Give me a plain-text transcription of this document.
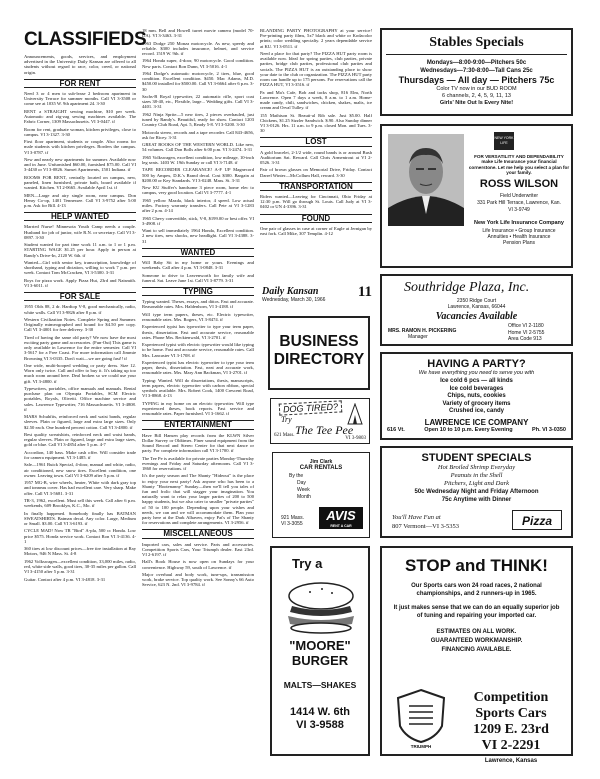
CLASSIFIEDS

Announcements, goods, services, and employment advertised in the University Daily Kansan are offered to all students without regard to race, color, creed, or national origin.

FOR RENT

Need 3 or 4 men to sub-lease 2 bedroom apartment in University Terrace for summer months. Call VI 3-3508 or come see at 1035 W. 9th apartment 24. 3-30

RENT a STRAIGHT sewing machine, $10 per week. Automatic and zig-zag sewing machines available. The Fabric Corner, 1309 Massachusetts. VI 3-0447. tf

Room for rent, graduate woman, kitchen privileges, close to campus. VI 3-1327. 3-30

First floor apartment, students or couple. Also rooms for male students with kitchen privileges. Borders the campus. VI 3-0787. tf

New and nearly new apartments for summer. Available now and in June. Unfurnished $60.00, furnished $75.00. Call VI 3-4430 or VI 3-0826. Sunset Apartments, 1501 Indiana. tf

ROOMS FOR RENT, centrally located on campus, new, paneled, linen furnished, private bath, board available if wanted. Kitchen. VI 2-0665. Available April 1st. tf

MEN—Large and airy single room, near campus. Don Henry Co-op, 1401 Tennessee. Call VI 3-9752 after 5:00 p.m. Ask for Bill. 4-13

HELP WANTED

Married Nurse! Minnesota Youth Camp needs a couple. Husband for job of junior, wife R.N. or secretary. Call VI 3-0897. 3-30

Student wanted for part time work 11 a.m. to 1 or 1 p.m. STARTING WAGE $1.25 per hour. Apply in person at Randy's Drive-In, 2120 W. 6th. tf

Wanted—Girl with senior key, transcription, knowledge of shorthand, typing and dictation, willing to work 7 p.m. per week. Contact Tom McCracken, VI 3-5300. 3-31

Boys for pizza work. Apply Pizza Hut, 23rd and Naismith. VI 3-6011. tf

FOR SALE

1955 Olds 88, 2 dr. Hardtop V-8, good mechanically, radio, white walls. Call VI 3-9826 after 8 p.m. tf

Western Civilization Notes. Complete Spring and Summer. Originally mimeographed and bound for $4.50 per copy. Call VI 3-4001 for free delivery. 3-30

Tired of having the same old party? We now have the most exciting party game and accessories. (Fun-Out) This game is only available in Lawrence for the entire semester. Call VI 3-5617 for a Free Coast. For more information call Jimmie Browning VI 3-0335. Don't wait—we are going fast!! tf

One wide, multi-hooped wedding or party dress. Size 12. Worn only twice. Call and offer to buy it. It's taking up too much room around here. Deal broken so we could use your gift. VI 3-4800. tf

Typewriters, portables, office manuals and manuals. Rental purchase plan on Olympia Portables, SCM Electric portables, Royals, Olivetti. Office machine service and sales. Lawrence Typewriter, 716 Massachusetts. VI 3-4808. tf

MARS Schuhfits, reinforced neck and waist bands, regular sleeves. Plain or figured, large and extra large sizes. Only $2.50 each. One hundred percent cotton. Call VI 3-4800. tf

Best quality sweatshirts, reinforced neck and waist bands, regular sleeves. Plain or figured, large and extra large sizes, gold or blue. Call VI 3-4854 after 5 p.m. 4-7

Accordion, 140 bass. Make cash offer. Will consider trade for camera equipment. VI 3-1485. tf

Sale—1961 Buick Special, 4-door, manual and white, radio, air conditioned, new snow tires. Excellent condition, one owner. Leaving town. Call VI 3-6209 after 5 p.m. tf

1957 MG-B, wire wheels, heater, White with dark gray top and tonneau cover. Has had excellent care. Very sharp. Make offer. Call VI 3-5681. 3-31

TR-3, 1962, excellent. Must sell this week. Call after 6 p.m. weekends, 609 Brooklyn, K.C., Mo. tf

In finally happened. Somebody finally has BATMAN SWEATSHIRTS. Batman decal. Any color. Large, Medium or Small. $3.00. Call VI 3-6193. tf

CYCLE MAD! Now TR "Bird" A-pla, 500 cc Honda. Low price $575. Honda service work. Contact Ron VI 3-4136. 4-1

360 tires at low discount prices—free tire installation at Ray Motors, 946 N Mass. St. 4-8

1962 Volkswagen—excellent condition, 33,000 miles, radio, red, white side walls, good tires, 30-35 miles per gallon. Call VI 3-4150 after 5 p.m. 3-31

Guitar. Contact after 4 p.m. VI 3-4818. 3-31

18 mm. Bell and Howell turret movie camera (model 70-DA). VI 3-3463. 3-31

1963 Dodge 250 Monza motorcycle. As new, speedy and reliable. $300 includes insurance, helmet, and service record. 1519 W. 9th. tf

1964 Honda super, 4-door, 90 motorcycle. Good condition. New parts. Contact Ron Dunn, VI 3-5016. 4-1

1964 Dodge's automatic motorcycle, 2 tires, blue, good condition. Excellent condition. $450. Mac Adams, M.D. $450.00 installed for $500.00. Call VI 3-6664 after 6 p.m. 3-30

Sachs-B Royal typewriter, 22 automatic rifle, sport coat sizes 38-40, etc., Flexible, large... Wedding gifts. Call VI 3-4401. 3-31

1962 Ninja Sprite—5 new tires, 2 pieces overhauled, just tuned by Randy's. Beautiful, ready for show. Contact 1203 Country Club Road, Apt. 5, Ready 5-8. VI 3-5200. 3-30

Motorola stereo, records and a tape recorder. Call 843-4656, ask for Ricey. 3-31

GREAT BOOKS OF THE WESTERN WORLD. Like new, 54 volumes. Call Don Bolls after 6:00 p.m. VI 3-2474. 3-31

1965 Volkswagen, excellent condition, low mileage, 10-inch leg seats. 1403 W. 19th Sunday or call VI 3-7148. tf

TAPE RECORDER CLEARANCE! A-F UP Magnecord 500 by Ampex, D.K.'s Brand decal. Cost $300. Bargain at $200.00 or Key Standards. VI 3-0248. Mass. St. 3-31

New KU Stuffer's handsome 3 piece room, home elec to campus, very good location. Call VI 3-7777. 4-1

1965 yellow Mazda, black interior, 4 speed. Low actual miles. Factory warranty transfers. Call Pete at VI 3-1283 after 2 p.m. 4-14

1965 Chevy convertible, stick, V-8, $199.00 or best offer. VI 3-4908. tf

Want to sell immediately 1964 Honda, Excellent condition. 2 new tires, new shocks, new headlight. Call VI 3-4388. 3-31

WANTED

Will Baby Sit in my home or yours. Evenings and weekends. Call after 4 p.m. VI 3-0848. 3-31

Someone to drive to Leavenworth for family wife and funeral. Sat. Leave June 1st. Call VI 3-8779. 3-31

TYPING

Typing wanted. Theses, essays, and dittos. Fast and accurate. Reasonable rates. Mrs. Haldenhorn, VI 3-4188. tf

Will type term papers, theses, etc. Electric typewriter, reasonable rates. Mrs. Rogers, VI 3-8474. tf

Experienced typist has typewriter to type your term paper, thesis, dissertation. Fast and accurate service, reasonable rates. Phone Mrs. Recktenwald, VI 3-2701. tf

Experienced typist with electric typewriter would like typing to be home. Fast and accurate service, reasonable rates. Call Mrs. Lancaster VI 3-1708. tf

Experienced typist has electric typewriter to type your term paper, thesis, dissertation. Fast, neat and accurate work, reasonable rates. Mrs. Mary Ann Backman, VI 3-2701. tf

Typing: Wanted. Will do dissertations, thesis, manuscripts, term papers, electric typewriter with carbon ribbon, special symbols available. Mrs. Robert Cook, 1400 Crescent Road, VI 3-8868. 4-13

TYPING in my home on an electric typewriter. Will type experienced theses, book reports. Fast service and reasonable rates. Paper furnished. VI 3-1662. tf

ENTERTAINMENT

Have Bill Hansen play records from the KLWN Silver Dollar Survey or Oldtimes. Finer sound equipment from the Sound Record and Stereo Center for that next dance or party. For complete information call VI 3-1700. tf

The Tee Pe is available for private parties Monday-Thursday evenings and Friday and Saturday afternoons. Call VI 3-1860 for reservations. tf

It's the party season and The Shanty "Hideout" is the place to enjoy your next party! Ask anyone who has been to a Shanty "Hootenanny" Sunday—then we'll tell you tales of fun and frolic that will stagger your imagination. You naturally want to relax your larger parties of 200 to 500 happy students, but we also cater to smaller "private parties" of 50 to 100 people. Depending upon your wishes and needs, we can and we will accommodate them. Plan your party here at the Dark Alhaven, enjoy Pat's of The Shanty for reservations and complete arrangements. VI 3-2956. tf

MISCELLANEOUS

Imported cars, sales and service. Parts and accessories. Competition Sports Cars, Your Triumph dealer. East 23rd. VI 2-6197. tf

Hall's Book House is now open on Sundays for your convenience. Highway 59, south of Lawrence. tf

Major overhaul and body work, tune-ups, transmission work, brake service. Top quality work. See Sonny's 66 Auto Service, 623 N. 2nd. VI 3-9784. tf

BLANDING PARTY PHOTOGRAPHY at your service! Pre-printing party films, 5x7 black and white or Kodacolor prints; color wedding specialty. 2 years dependable service at KU. VI 3-0511. tf

Need a place for that party? The PIZZA HUT party room is available now. Ideal for spring parties, club parties, private parties, bridge club parties, professional club parties and socials. The PIZZA HUT is an outstanding place to show your date to the club or organization. The PIZZA HUT party room can handle up to 175 persons. For reservations call the PIZZA HUT, VI 3-3516. tf

Pa and Ma's Cafe, Bob and tacks shop, 816 Elm, North Lawrence. Open 7 days a week, 8 a.m. to 1 a.m. Home-made candy, chili, sandwiches, chicken, shakes, malts, ice cream and Orval Tulley. tf

155 Mathison St. Beauti-al Rib sale. Just $5.00. Half Chickens, $1.25 Sizzler Sandwich. $.90. Also Sunday dinner VI 3-0126. Hrs. 11 a.m. to 9 p.m. closed Mon. and Tues. 3-30

LOST

A gold bracelet, 2-1/2 wide, round bands is or around Bush Auditorium Sat. Reward. Call Chris Armentrout at VI 2-0526. 3-31

Pair of brown glasses on Memorial Drive, Friday. Contact Darrel Winter—McCollum Hall, reward. 3-30

TRANSPORTATION

Riders wanted—Leaving for Cincinnati, Ohio Friday at 12:30 p.m. Will go through St. Louis. Call Judy at VI 3-0402 or UN 4-3396. 3-31

FOUND

One pair of glasses in case at corner of Eagle at Jernigan by east fork. Call Mike, 307 Templin. 4-12

Daily Kansan	11
Wednesday, March 30, 1966
BUSINESS
DIRECTORY
DOG TIRED?
Try
The Tee Pee
621 Mass.
VI 3-9803
Jim Clark
CAR RENTALS
By the
Day
Week
Month
921 Mass.
VI 3-3055
AVIS
RENT A CAR
Try a
"MOORE"
BURGER
MALTS—SHAKES
1414 W. 6th
VI 3-9588
Stables Specials
Mondays—8:00-9:00—Pitchers 50c
Wednesdays—7:30-8:00—Tall Cans 25c
Thursdays — All day — Pitchers 75c
Color TV now in our BUD ROOM
6 channels, 2, 4, 5, 9, 11, 13
Girls' Nite Out Is Every Nite!
NEW YORK LIFE
FOR VERSATILITY AND DEPENDABILITY make Life Insurance your financial cornerstone. Let me help you select a plan for your family.
ROSS WILSON
Field Underwriter
331 Park Hill Terrace, Lawrence, Kan.
VI 3-9749
New York Life Insurance Company
Life Insurance • Group Insurance
Annuities • Health Insurance
Pension Plans
Southridge Plaza, Inc.
2350 Ridge Court
Lawrence, Kansas, 66044
Vacancies Available
MRS. RAMON H. PICKERING
Manager
Office VI 2-1180
Home VI 2-5755
Area Code 913
HAVING A PARTY?
We have everything you need to serve you with
Ice cold 6 pcs — all kinds
Ice cold beverages
Chips, nuts, cookies
Variety of grocery items
Crushed ice, candy
LAWRENCE ICE COMPANY
616 Vt.	Open 10 to 10 p.m. Every Evening	Ph. VI 3-0350
STUDENT SPECIALS
Hot Broiled Shrimp Everyday
Peanuts in the Shell
Pitchers, Light and Dark
50c Wednesday Night and Friday Afternoon
75c Anytime with Dinner
You'll Have Fun at
807 Vermont—VI 3-5353	Pizza
STOP and THINK!
Our Sports cars won 24 road races, 2 national championships, and 2 runners-up in 1965.
It just makes sense that we can do an equally superior job of tuning and repairing your imported car.
ESTIMATES ON ALL WORK.
GUARANTEED WORKMANSHIP.
FINANCING AVAILABLE.
TRIUMPH
Competition
Sports Cars
1209 E. 23rd
VI 2-2291
Lawrence, Kansas
